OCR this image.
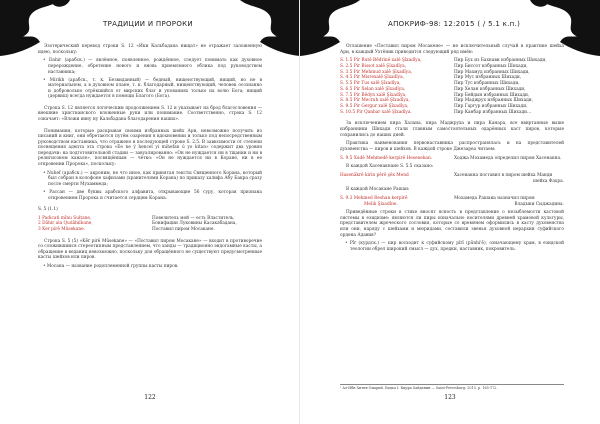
ТРАДИЦИИ И ПРОРОКИ

Эзотерический перевод строки S. 12 «Ики Кальбадана нищат» не отражает заложенную идею, поскольку:

• Dahir (арабск.) — явлённое, появленное, рождённое, следует понимать как духовное перерождение, обретение нового и вновь приемлемого облика под руководством наставника;

• Mirikh (арабск., т. к. Безвиданный) — бедный, нищенствующий, нищий, но не в материальном, а в духовном плане, т. к. благодарный, нищенствующий, человек осознанно и добровольно отрёкшийся от мирских благ и упованиях только на волю Бога; нищий (дервиш) всегда нуждается в помощи Благого (Бога).

Строка S. 12 является логическим продолжением S. 12 и указывает на брод благословения — внешние христианского вложенные руки или понимание. Соответственно, строка S. 12 означает: «Вложи вину ну Кальбадана благодарения наших».

Понимания, которые раскрывая своими избранных шейх Ари, невозможно получить из писаний и книг, они обретаются путём озарения в вдохновении и только под непосредственным руководством наставника, что отражено в последующей строке S. 2.5. В зависимости от степени посвящения адепта эта строка «Ее ne ý hencel yi mihefan ú yo kitan» содержит два уровня передачи: на подготовительной стадии — завуалированно: «Он не нуждается ни в тщании и ни в религиозном канале», посвящённым — чётко: «Он не нуждается ни в Коране, ни в ее откровении Пророка», поскольку:

• Nuhef (арабск.) — акроним, не что иное, как принятая тексты Священного Корана, который был собран в колофоне хафизами (хранителями Корана) по приказу халифа Абу Бакра сразу после смерти Мухаммеда;

• Рассан — две буквы арабского алфавита, открывающие 56 суру, которая признана откровением Пророка и считается сердцем Корана.

S. 5 (1.1)

1 Padicati mīnu Sultane,	Повелитель мой — есть Властитель,
2 Dāhir ala Qudāhilbane,	Бонифации Луковины Касакабадана,
3 Ker pirê Mûsekane.	Поставил пиром Мосакане.

Строка S. 5 (5) «Kēr pirê Mûsekane» — «Поставил пиром Мосакане» — входит в противоречие со сложившимся стереотипным представлением, что ханды — традиционно эндогамные касты, а обращение в веданиц невозможно, поскольку для обращённого не существуют предусмотренные касты шейхов или пиров.

• Мосанa — название родоплеменной группы касты пиров.

122
АПОКРИФ-98: 12:2015 ( / 5.1 к.п.)

Оглашение «Поставил пиром Мосакене» — не исключительный случай в практике шейха Ари, в каждый Ухтёник приводится следующий ряд имён:

S. 1.5 Pir Rutê Bēdrinê xalê Şîxadîya,	Пир Бух из Бахнави избранных Шихади,
S. 2.5 Pir Bissot xalê Şîxadîya,	Пир Биссот избранных Шихади,
S. 3.5 Pir Mehmud xalê Şîxadîya,	Пир Махмуд избранных Шихади,
S. 4.5 Pir Misrexalê Şîxadîya,	Пир Мус избранных Шихади,
S. 5.5 Pir Tus xalê Şîxadîya,	Пир Тус избранных Шихади,
S. 6.5 Pir Xelan xalê Şîxadîya,	Пир Хелан избранных Шихади,
S. 7.5 Pir Bêdyn xalê Şîxadîya,	Пир Бейдын избранных Шихади,
S. 8.5 Pir Mecruh xalê Şîxadîya,	Пир Маджрух избранных Шихади,
S. 9.5 Pir Gergur xalê Şîxadîya,	Пир Гаргур избранных Шихади,
S. 10.5 Pir Qanbar xalê Şîxadîya.	Пир Канбар избранных Шихади...

За исключением пира Халана, пира Маджруха и пира Канара, все ввиртанные выше избранники Шихади стали главным самостоятельных одарённых каст пиров, которые сохранились до наших дней.

Практика наименования первонаставника распространялась и на представителей духовенства — пиров и шейхов. В каждой строке Джезареа читаем:

S. 9.5 Xudê Mehmedê kerpirê Hesenekan.	Ходжа Мохамеда определил пиром Хасенакна.

В каждой Хасенакнане S. 5.5 сказано:

Hasenākrê kirin pêrê şêx Mend	Хасенакна поставил в пиром шейха Манди
шейха Фахра.

В каждой Мосакане Рашан:

S. 9.3 Mehmed Reshan kerpirê	Мохамеда Рашана назначил пиром
Melik Şixadîne.	Владыки Сыджадина.

Приведённые строки в стихе вносят ясность в представление о незыблемости кастовой системы в езидизме: являются ли пиры изначально носителями древней храмовой культуры, представителем жреческого сословия, которые со временем оформились в касту духовенства или они, наряду с шейхами и мюридами, составили звенья духовной иерархии суфийского ордена Адавия?

• Pîr (курдск.) — пир восходит к суфийскому pîrî (pūnhi'ē), означающему храм, в езидской теологии обрел широкий смысл — дух, предки, наставник, покровитель.

¹ Ал-Ибн Хитня Омарий. Бидъа I. Кирра Sайданин — Saint-Petersburg: 2015, p. 165-172.
123
